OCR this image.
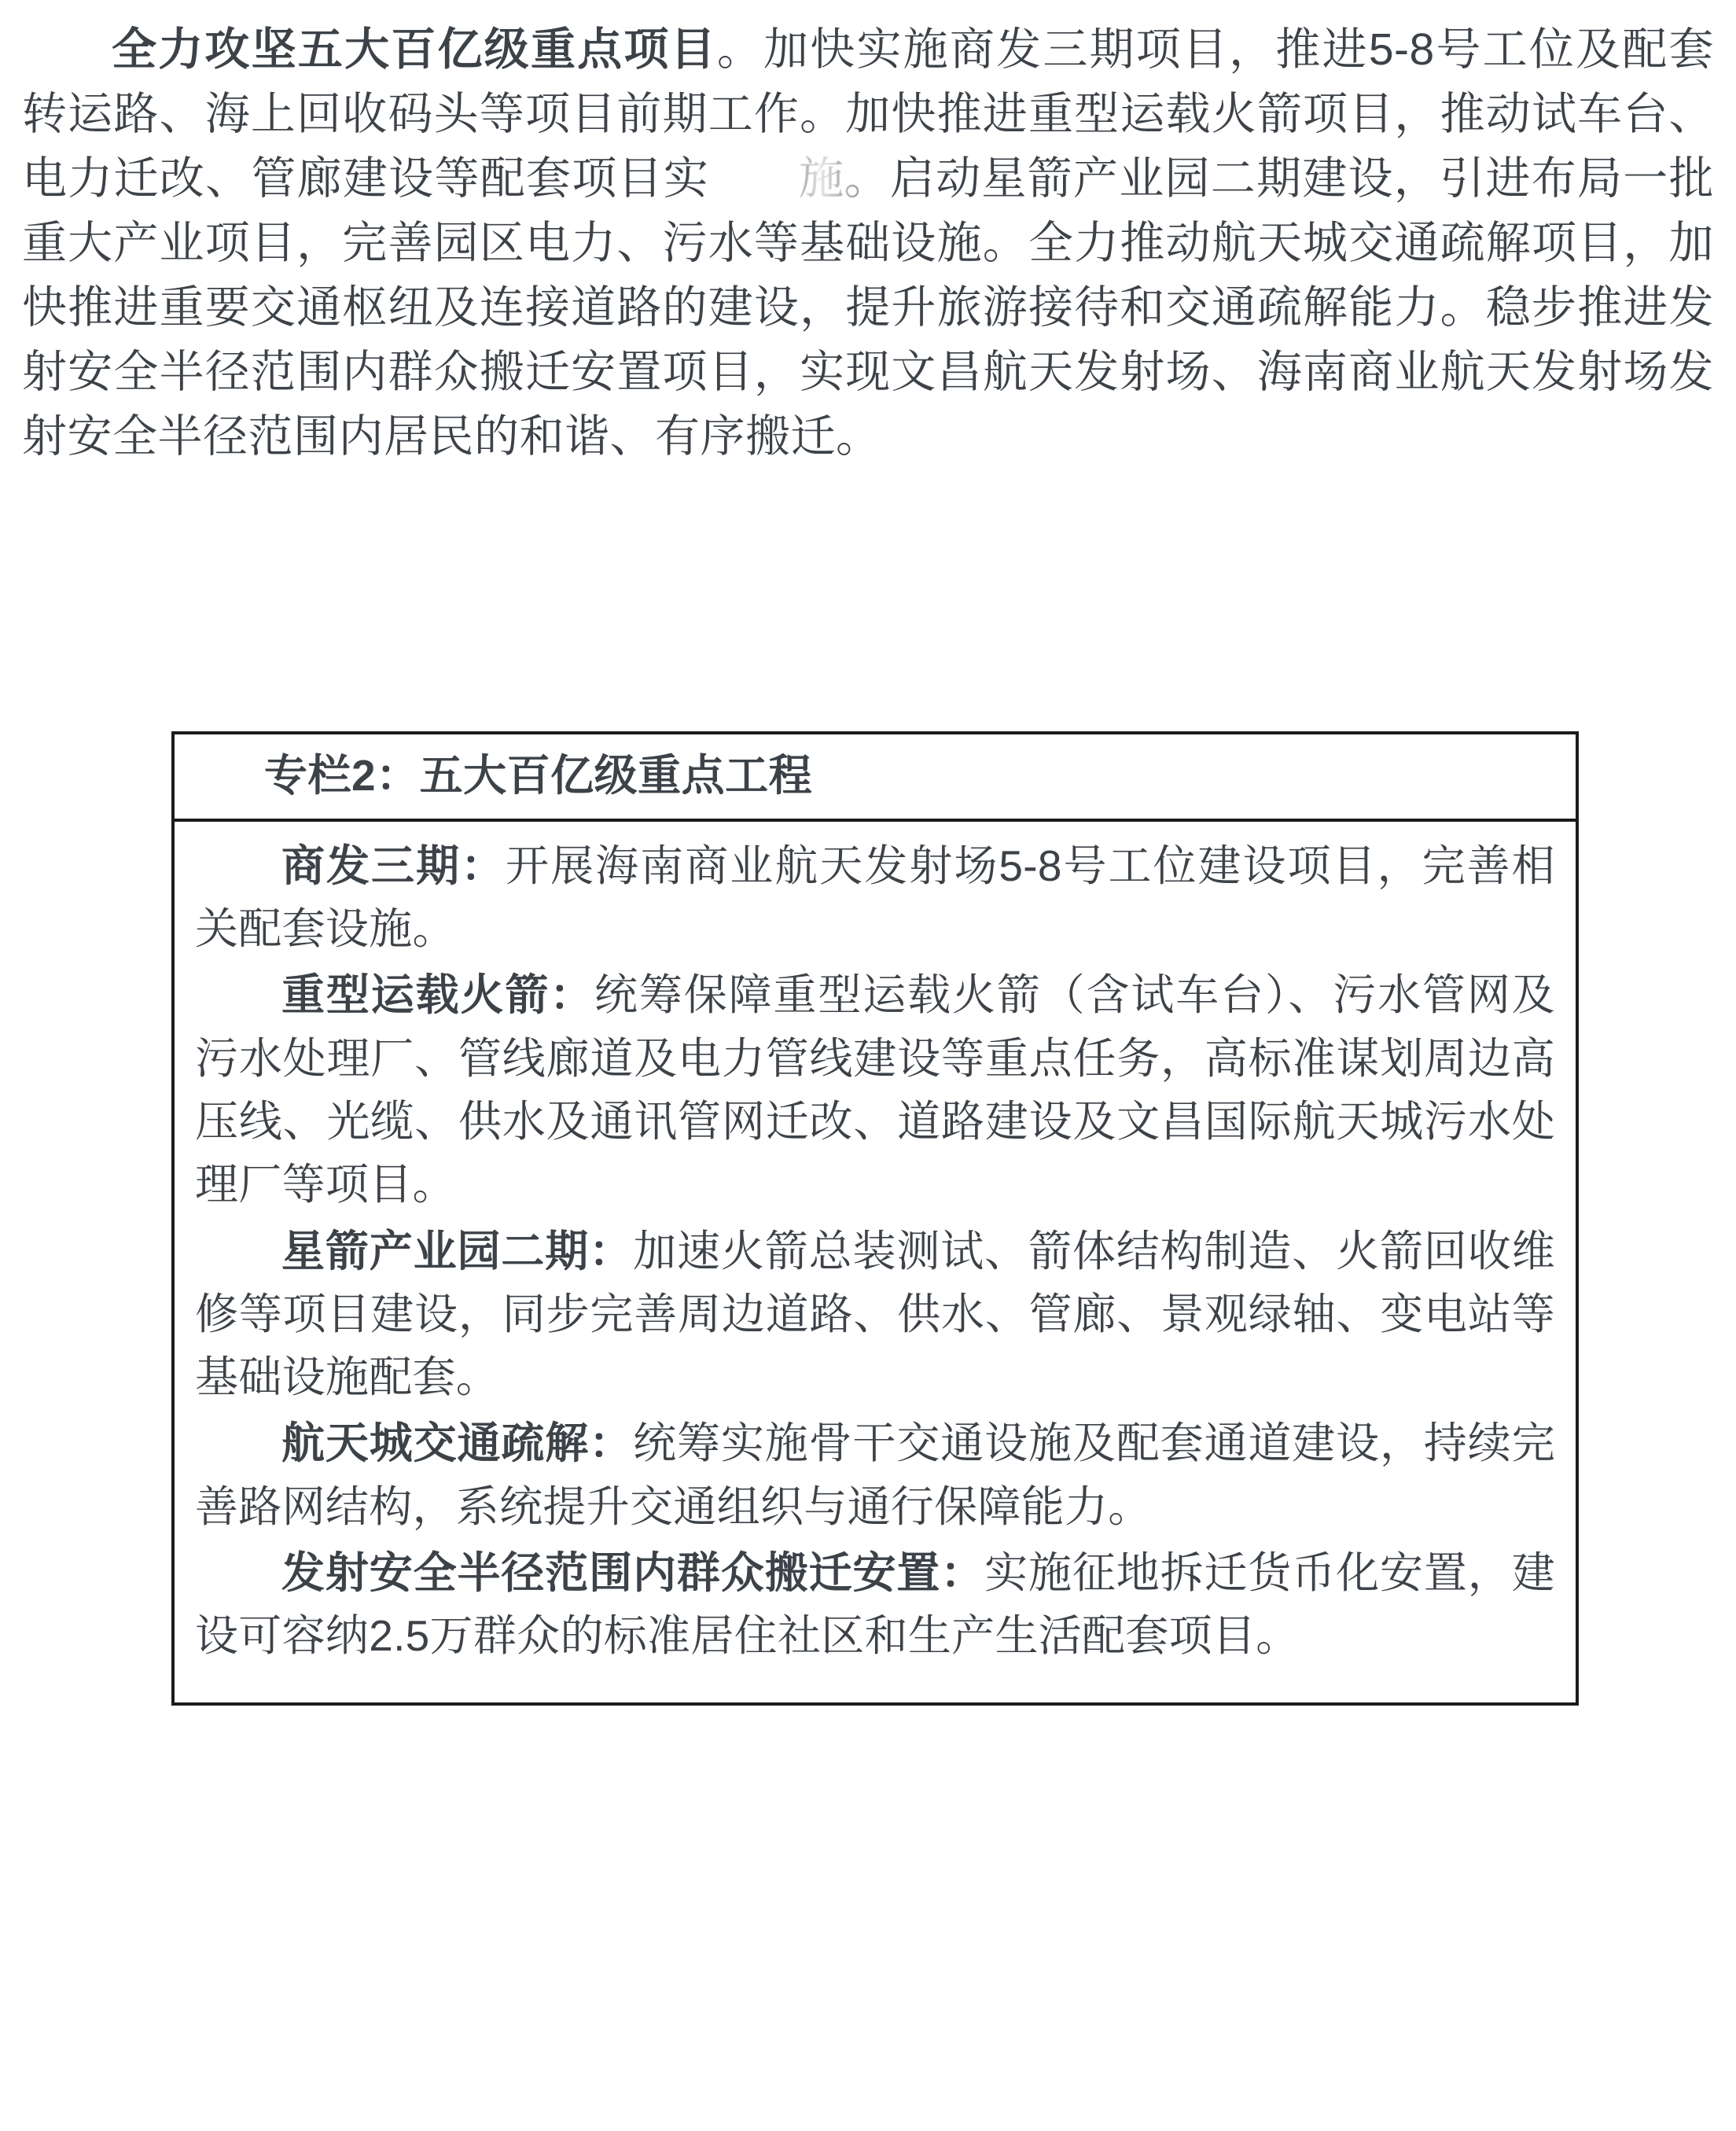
全力攻坚五大百亿级重点项目。加快实施商发三期项目，推进5-8号工位及配套转运路、海上回收码头等项目前期工作。加快推进重型运载火箭项目，推动试车台、电力迁改、管廊建设等配套项目实 施。启动星箭产业园二期建设，引进布局一批重大产业项目，完善园区电力、污水等基础设施。全力推动航天城交通疏解项目，加快推进重要交通枢纽及连接道路的建设，提升旅游接待和交通疏解能力。稳步推进发射安全半径范围内群众搬迁安置项目，实现文昌航天发射场、海南商业航天发射场发射安全半径范围内居民的和谐、有序搬迁。

专栏2：五大百亿级重点工程

商发三期：开展海南商业航天发射场5-8号工位建设项目，完善相关配套设施。

重型运载火箭：统筹保障重型运载火箭（含试车台）、污水管网及污水处理厂、管线廊道及电力管线建设等重点任务，高标准谋划周边高压线、光缆、供水及通讯管网迁改、道路建设及文昌国际航天城污水处理厂等项目。

星箭产业园二期：加速火箭总装测试、箭体结构制造、火箭回收维修等项目建设，同步完善周边道路、供水、管廊、景观绿轴、变电站等基础设施配套。

航天城交通疏解：统筹实施骨干交通设施及配套通道建设，持续完善路网结构，系统提升交通组织与通行保障能力。

发射安全半径范围内群众搬迁安置：实施征地拆迁货币化安置，建设可容纳2.5万群众的标准居住社区和生产生活配套项目。
